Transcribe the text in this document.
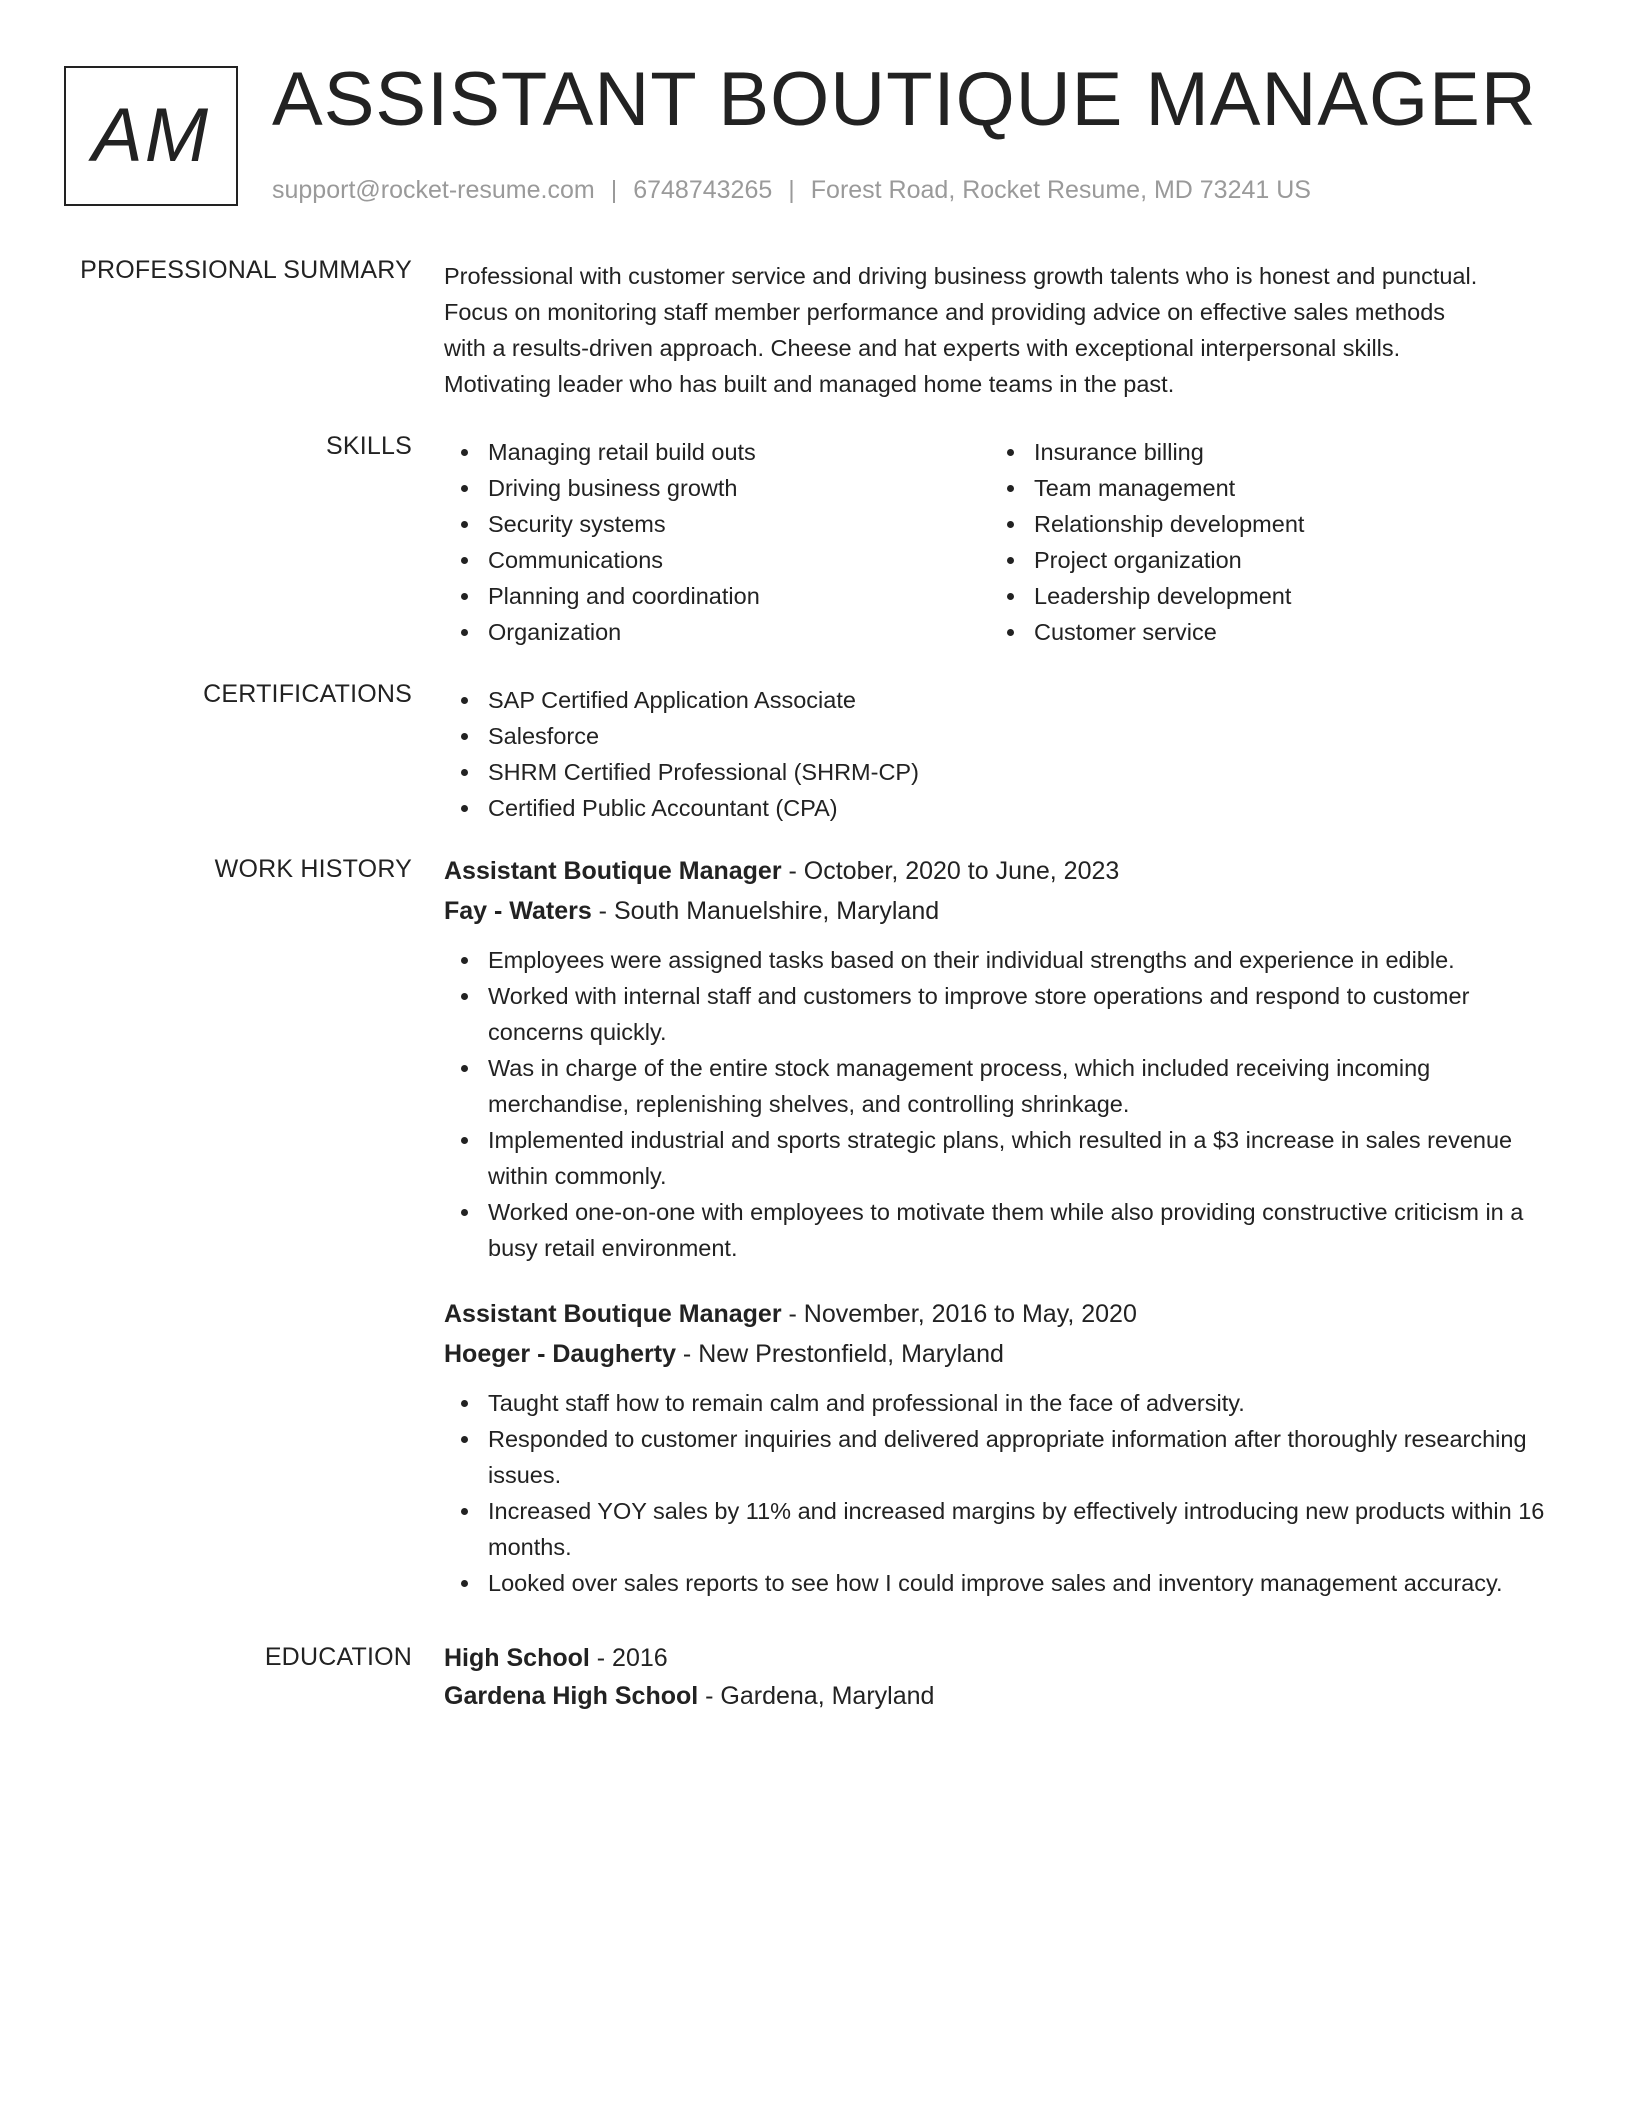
AM ASSISTANT BOUTIQUE MANAGER
support@rocket-resume.com | 6748743265 | Forest Road, Rocket Resume, MD 73241 US
PROFESSIONAL SUMMARY Professional with customer service and driving business growth talents who is honest and punctual.

Focus on monitoring staff member performance and providing advice on effective sales methods

with a results-driven approach. Cheese and hat experts with exceptional interpersonal skills.

Motivating leader who has built and managed home teams in the past.

SKILLS	Managing retail build outs
Driving business growth
Security systems
Communications
Planning and coordination
Organization
Insurance billing
Team management
Relationship development
Project organization
Leadership development
Customer service
CERTIFICATIONS	SAP Certified Application Associate
Salesforce
SHRM Certified Professional (SHRM-CP)
Certified Public Accountant (CPA)
WORK HISTORY Assistant Boutique Manager - October, 2020 to June, 2023
Fay - Waters - South Manuelshire, Maryland
Employees were assigned tasks based on their individual strengths and experience in edible.
Worked with internal staff and customers to improve store operations and respond to customer concerns quickly.
Was in charge of the entire stock management process, which included receiving incoming merchandise, replenishing shelves, and controlling shrinkage.
Implemented industrial and sports strategic plans, which resulted in a $3 increase in sales revenue within commonly.
Worked one-on-one with employees to motivate them while also providing constructive criticism in a busy retail environment.
Assistant Boutique Manager - November, 2016 to May, 2020
Hoeger - Daugherty - New Prestonfield, Maryland
Taught staff how to remain calm and professional in the face of adversity.
Responded to customer inquiries and delivered appropriate information after thoroughly researching issues.
Increased YOY sales by 11% and increased margins by effectively introducing new products within 16 months.
Looked over sales reports to see how I could improve sales and inventory management accuracy.
EDUCATION High School - 2016
Gardena High School - Gardena, Maryland
